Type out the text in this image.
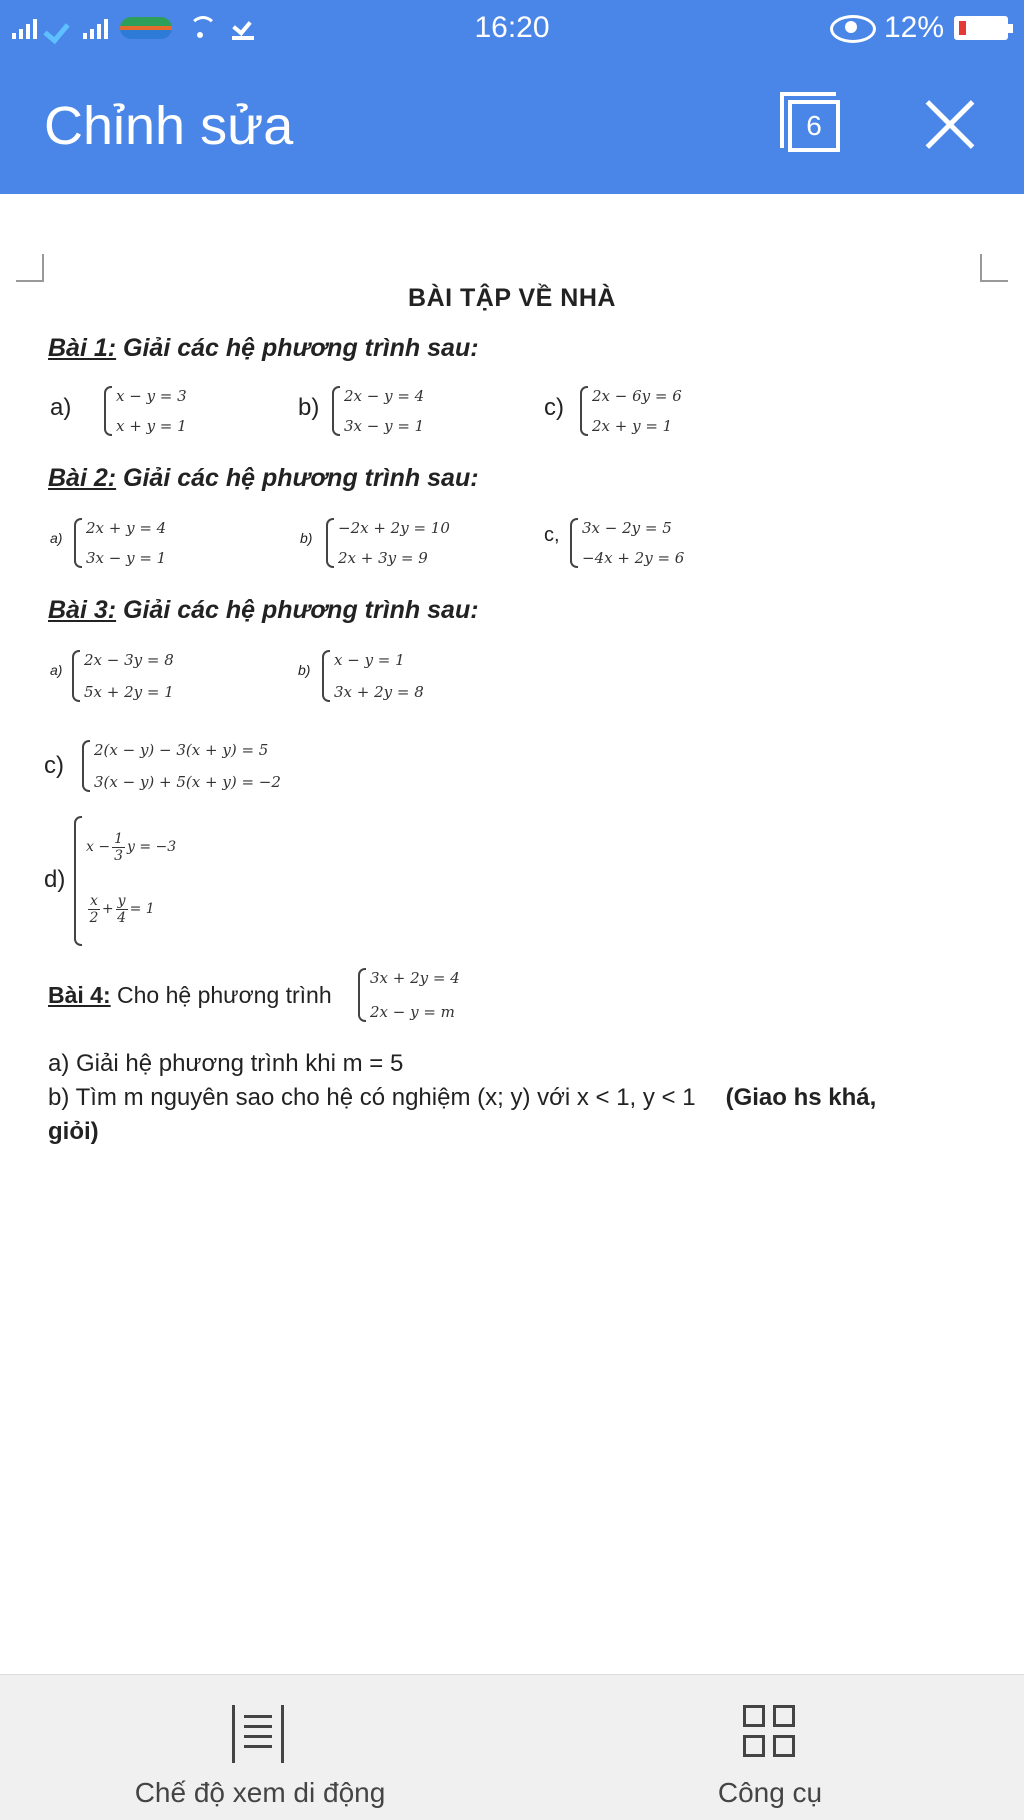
16:20	12%
Chỉnh sửa	6
BÀI TẬP VỀ NHÀ
Bài 1: Giải các hệ phương trình sau:
a)	x − y = 3
x + y = 1
b) 2x − y = 4
3x − y = 1
c) 2x − 6y = 6
2x + y = 1
Bài 2: Giải các hệ phương trình sau:
a)
2x + y = 4
3x − y = 1
b)
−2x + 2y = 10
2x + 3y = 9
c, 3x − 2y = 5
−4x + 2y = 6
Bài 3: Giải các hệ phương trình sau:
a)
2x − 3y = 8
5x + 2y = 1
b)
x − y = 1
3x + 2y = 8
c)
2(x − y) − 3(x + y) = 5
3(x − y) + 5(x + y) = −2
d)
$x - \frac{1}{3}$ y = −3
$\frac{x}{2} + \frac{y}{4} = 1$
Bài 4: Cho hệ phương trình
3x + 2y = 4
2x − y = m
a) Giải hệ phương trình khi m = 5
b) Tìm m nguyên sao cho hệ có nghiệm (x; y) với x < 1, y < 1 (Giao hs khá,
giỏi)
Chế độ xem di động	Công cụ
